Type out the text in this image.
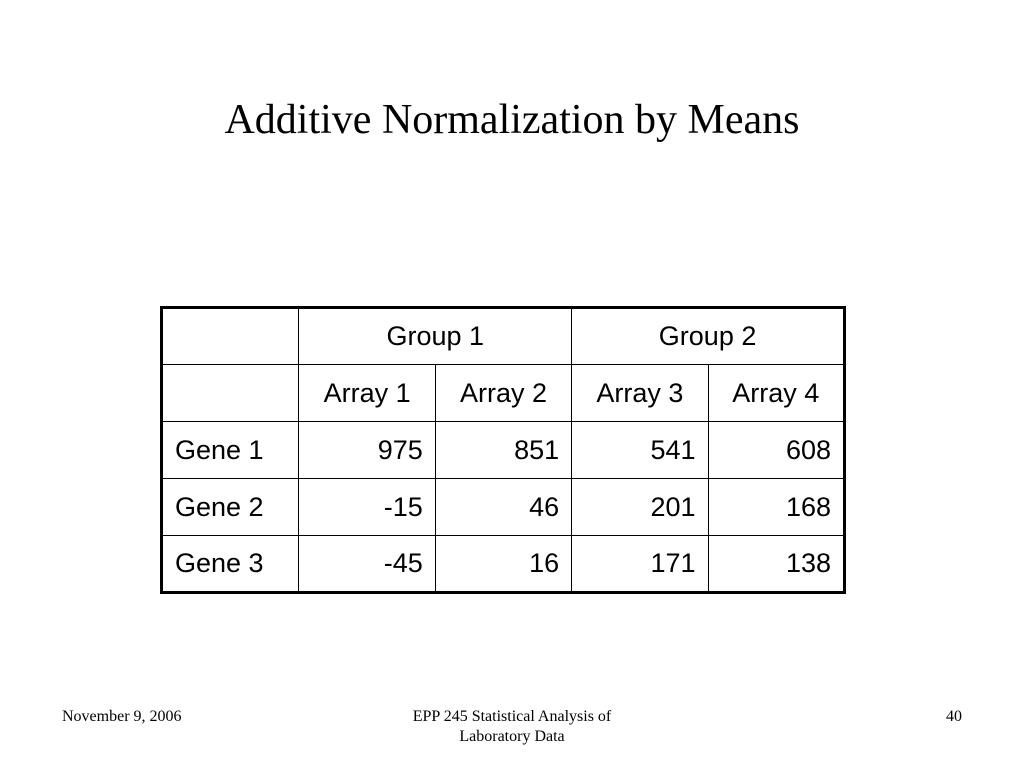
Additive Normalization by Means
	Group 1		Group 2	
	Array 1	Array 2	Array 3	Array 4
Gene 1	975	851	541	608
Gene 2	-15	46	201	168
Gene 3	-45	16	171	138
November 9, 2006	EPP 245 Statistical Analysis of
Laboratory Data
40
